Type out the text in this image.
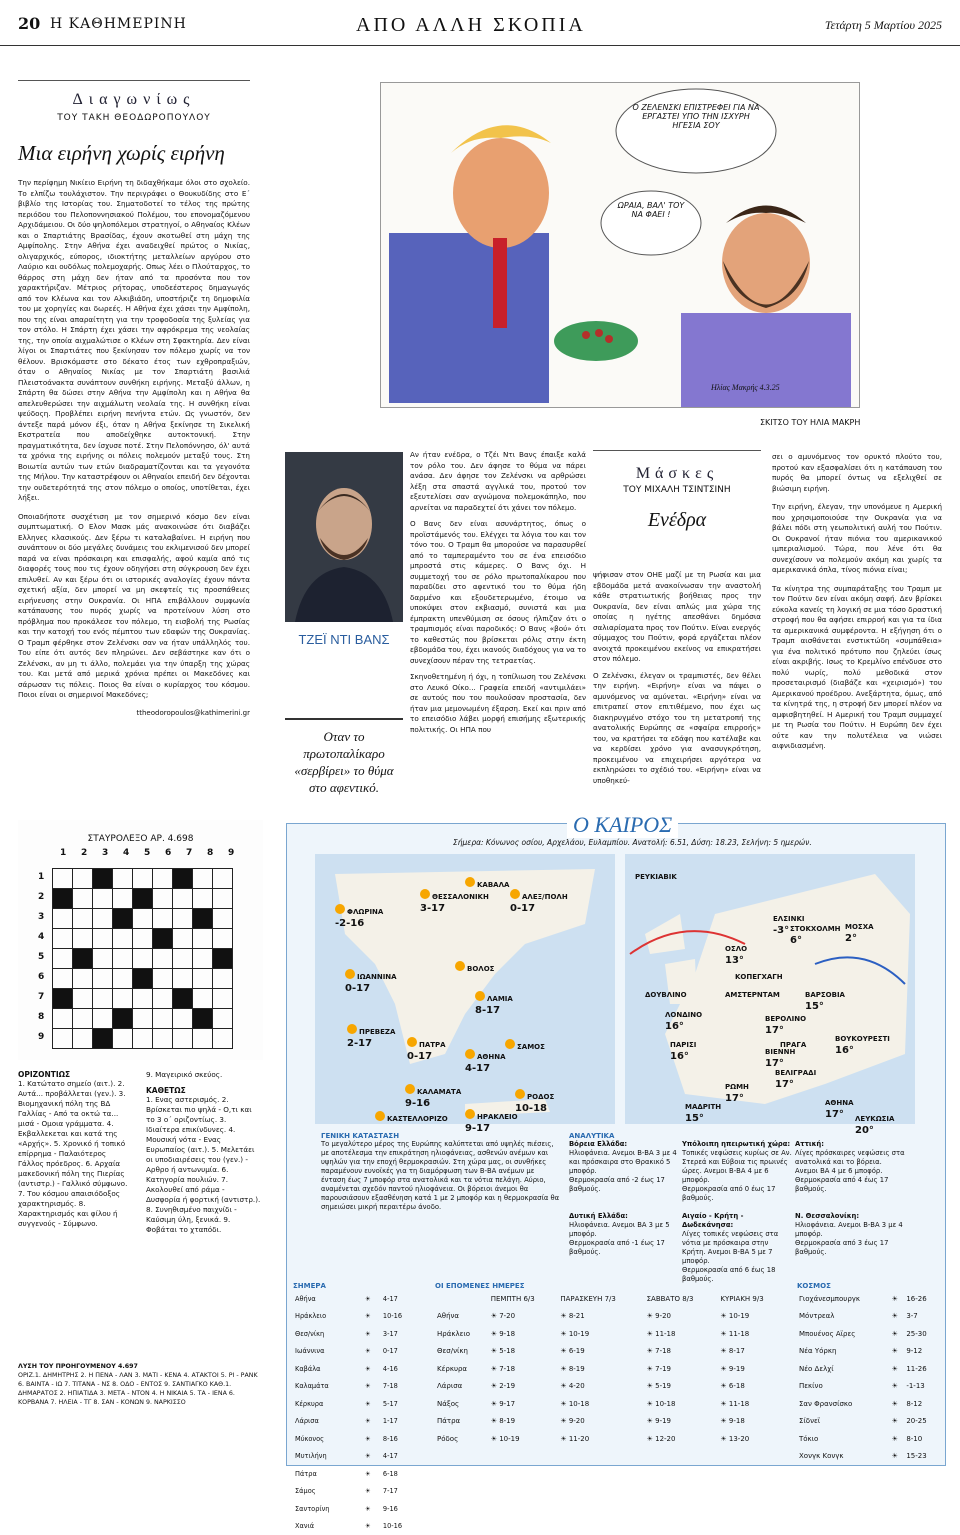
20 Η ΚΑΘΗΜΕΡΙΝΗ	ΑΠΟ ΑΛΛΗ ΣΚΟΠΙΑ	Τετάρτη 5 Μαρτίου 2025
Διαγωνίως
ΤΟΥ ΤΑΚΗ ΘΕΟΔΩΡΟΠΟΥΛΟΥ
Μια ειρήνη χωρίς ειρήνη

Την περίφημη Νικίειο Ειρήνη τη διδαχθήκαμε όλοι στο σχολείο. Το ελπίζω τουλάχιστον. Την περιγράφει ο Θουκυδίδης στο Ε΄ βιβλίο της Ιστορίας του. Σηματοδοτεί το τέλος της πρώτης περιόδου του Πελοποννησιακού Πολέμου, του επονομαζόμενου Αρχιδάμειου. Οι δύο ψηλοπόλεμοι στρατηγοί, ο Αθηναίος Κλέων και ο Σπαρτιάτης Βρασίδας, έχουν σκοτωθεί στη μάχη της Αμφίπολης. Στην Αθήνα έχει αναδειχθεί πρώτος ο Νικίας, ολιγαρχικός, εύπορος, ιδιοκτήτης μεταλλείων αργύρου στο Λαύριο και ουδόλως πολεμοχαρής. Οπως λέει ο Πλούταρχος, το θάρρος στη μάχη δεν ήταν από τα προσόντα που τον χαρακτήριζαν. Μέτριος ρήτορας, υποδεέστερος δημαγωγός από τον Κλέωνα και τον Αλκιβιάδη, υποστήριζε τη δημοφιλία του με χορηγίες και δωρεές. Η Αθήνα έχει χάσει την Αμφίπολη, που της είναι απαραίτητη για την τροφοδοσία της ξυλείας για τον στόλο. Η Σπάρτη έχει χάσει την αφρόκρεμα της νεολαίας της, την οποία αιχμαλώτισε ο Κλέων στη Σφακτηρία. Δεν είναι λίγοι οι Σπαρτιάτες που ξεκίνησαν τον πόλεμο χωρίς να τον θέλουν. Βρισκόμαστε στο δέκατο έτος των εχθροπραξιών, όταν ο Αθηναίος Νικίας με τον Σπαρτιάτη βασιλιά Πλειστοάνακτα συνάπτουν συνθήκη ειρήνης. Μεταξύ άλλων, η Σπάρτη θα δώσει στην Αθήνα την Αμφίπολη και η Αθήνα θα απελευθερώσει την αιχμάλωτη νεολαία της. Η συνθήκη είναι ψεύδοςη. Προβλέπει ειρήνη πενήντα ετών. Ως γνωστόν, δεν άντεξε παρά μόνον έξι, όταν η Αθήνα ξεκίνησε τη Σικελική Εκστρατεία που αποδείχθηκε αυτοκτονική. Στην πραγματικότητα, δεν ίσχυσε ποτέ. Στην Πελοπόννησο, όλ' αυτά τα χρόνια της ειρήνης οι πόλεις πολεμούν μεταξύ τους. Στη Βοιωτία αυτών των ετών διαδραματίζονται και τα γεγονότα της Μήλου. Την καταστρέφουν οι Αθηναίοι επειδή δεν δέχονται την ουδετερότητά της στον πόλεμο ο οποίος, υποτίθεται, έχει λήξει.

Οποιαδήποτε συσχέτιση με τον σημερινό κόσμο δεν είναι συμπτωματική. Ο Ελον Μασκ μάς ανακοινώσε ότι διαβάζει Ελληνες κλασικούς. Δεν ξέρω τι καταλαβαίνει. Η ειρήνη που συνάπτουν οι δύο μεγάλες δυνάμεις του εκλιμενισού δεν μπορεί παρά να είναι πρόσκαιρη και επισφαλής, αφού καμία από τις διαφορές τους που τις έχουν οδηγήσει στη σύγκρουση δεν έχει επιλυθεί. Αν και ξέρω ότι οι ιστορικές αναλογίες έχουν πάντα σχετική αξία, δεν μπορεί να μη σκεφτείς τις προσπάθειες ειρήνευσης στην Ουκρανία. Οι ΗΠΑ επιβάλλουν συμφωνία κατάπαυσης του πυρός χωρίς να προτείνουν λύση στο πρόβλημα που προκάλεσε τον πόλεμο, τη εισβολή της Ρωσίας και την κατοχή του ενός πέμπτου των εδαφών της Ουκρανίας. Ο Τραμπ φέρθηκε στον Ζελένσκι σαν να ήταν υπάλληλός του. Του είπε ότι αυτός δεν πληρώνει. Δεν σεβάστηκε καν ότι ο Ζελένσκι, αν μη τι άλλο, πολεμάει για την ύπαρξη της χώρας του. Και μετά από μερικά χρόνια πρέπει οι Μακεδόνες και σάρωσαν τις πόλεις. Ποιος θα είναι ο κυρίαρχος του κόσμου. Ποιοι είναι οι σημερινοί Μακεδόνες;

ttheodoropoulos@kathimerini.gr
Ο ΖΕΛΕΝΣΚΙ ΕΠΙΣΤΡΕΦΕΙ ΓΙΑ ΝΑ ΕΡΓΑΣΤΕΙ ΥΠΟ ΤΗΝ ΙΣΧΥΡΗ ΗΓΕΣΙΑ ΣΟΥ
ΩΡΑΙΑ, ΒΑΛ' ΤΟΥ ΝΑ ΦΑΕΙ !
Ηλίας Μακρής 4.3.25
ΣΚΙΤΣΟ ΤΟΥ ΗΛΙΑ ΜΑΚΡΗ
ΤΖΕΪ ΝΤΙ ΒΑΝΣ
Οταν το πρωτοπαλίκαρο «σερβίρει» το θύμα στο αφεντικό.

Αν ήταν ενέδρα, ο Τζέι Ντι Βανς έπαιξε καλά τον ρόλο του. Δεν άφησε το θύμα να πάρει ανάσα. Δεν άφησε τον Ζελένσκι να αρθρώσει λέξη στα σπαστά αγγλικά του, προτού τον εξευτελίσει σαν αγνώμονα πολεμοκάπηλο, που αρνείται να παραδεχτεί ότι χάνει τον πόλεμο.

Ο Βανς δεν είναι ασυνάρτητος, όπως ο προϊστάμενός του. Ελέγχει τα λόγια του και τον τόνο του. Ο Τραμπ θα μπορούσε να παρασυρθεί από το ταμπεραμέντο του σε ένα επεισόδιο μπροστά στις κάμερες. Ο Βανς όχι. Η συμμετοχή του σε ρόλο πρωτοπαλίκαρου που παραδίδει στο αφεντικό του το θύμα ήδη δαρμένο και εξουδετερωμένο, έτοιμο να υποκύψει στον εκβιασμό, συνιστά και μια έμπρακτη υπενθύμιση σε όσους ήλπιζαν ότι ο τραμπισμός είναι παροδικός: Ο Βανς «βού» ότι το καθεστώς που βρίσκεται ρόλις στην έκτη εβδομάδα του, έχει ικανούς διαδόχους για να το συνεχίσουν πέραν της τετραετίας.

Σκηνοθετημένη ή όχι, η τοπίλιωση του Ζελένσκι στο Λευκό Οίκο... Γραφεία επειδή «αντιμιλάει» σε αυτούς που του πουλούσαν προστασία, δεν ήταν μια μεμονωμένη έξαρση. Εκεί και πριν από το επεισόδιο λάβει μορφή επισήμης εξωτερικής πολιτικής. Οι ΗΠΑ που

Μάσκες
ΤΟΥ ΜΙΧΑΛΗ ΤΣΙΝΤΣΙΝΗ
Ενέδρα

ψήφισαν στον ΟΗΕ μαζί με τη Ρωσία και μια εβδομάδα μετά ανακοίνωσαν την αναστολή κάθε στρατιωτικής βοήθειας προς την Ουκρανία, δεν είναι απλώς μια χώρα της οποίας η ηγέτης απεσθάνει δημόσια σαλιαρίσματα προς τον Πούτιν. Είναι ενεργός σύμμαχος του Πούτιν, φορά εργάζεται πλέον ανοιχτά προκειμένου εκείνος να επικρατήσει στον πόλεμο.

Ο Ζελένσκι, έλεγαν οι τραμπιστές, δεν θέλει την ειρήνη. «Ειρήνη» είναι να πάψει ο αμυνόμενος να αμύνεται. «Ειρήνη» είναι να επιτραπεί στον επιτιθέμενο, που έχει ως διακηρυγμένο στόχο του τη μετατροπή της ανατολικής Ευρώπης σε «σφαίρα επιρροής» του, να κρατήσει τα εδάφη που κατέλαβε και να κερδίσει χρόνο για ανασυγκρότηση, προκειμένου να επιχειρήσει αργότερα να εκπληρώσει το σχέδιό του. «Ειρήνη» είναι να υποθηκεύ-

σει ο αμυνόμενος τον ορυκτό πλούτο του, προτού καν εξασφαλίσει ότι η κατάπαυση του πυρός θα μπορεί όντως να εξελιχθεί σε βιώσιμη ειρήνη.

Την ειρήνη, έλεγαν, την υπονόμευε η Αμερική που χρησιμοποιούσε την Ουκρανία για να βάλει πόδι στη γεωπολιτική αυλή του Πούτιν. Οι Ουκρανοί ήταν πιόνια του αμερικανικού ιμπεριαλισμού. Τώρα, που λένε ότι θα συνεχίσουν να πολεμούν ακόμη και χωρίς τα αμερικανικά όπλα, τίνος πιόνια είναι;

Τα κίνητρα της συμπαράταξης του Τραμπ με τον Πούτιν δεν είναι ακόμη σαφή. Δεν βρίσκει εύκολα κανείς τη λογική σε μια τόσο δραστική στροφή που θα αφήσει επιρροή και για τα ίδια τα αμερικανικά συμφέροντα. Η εξήγηση ότι ο Τραμπ αισθάνεται ενστικτώδη «συμπάθεια» για ένα πολιτικό πρότυπο που ζηλεύει ίσως είναι ακριβής. Ισως το Κρεμλίνο επένδυσε στο πολύ νωρίς, πολύ μεθοδικά στον προσεταιρισμό (διαβάζε και «χειρισμό») του Αμερικανού προέδρου. Ανεξάρτητα, όμως, από τα κίνητρά της, η στροφή δεν μπορεί πλέον να αμφισβητηθεί. Η Αμερική του Τραμπ συμμαχεί με τη Ρωσία του Πούτιν. Η Ευρώπη δεν έχει ούτε καν την πολυτέλεια να νιώσει αιφνιδιασμένη.

ΣΤΑΥΡΟΛΕΞΟ ΑΡ. 4.698
1 2 3 4 5 6 7 8 9
1
2
3
4
5
6
7
8
9

ΟΡΙΖΟΝΤΙΩΣ
1. Κατώτατο σημείο (αιτ.). 2. Αυτά... προβάλλεται (γεν.). 3. Βιομηχανική πόλη της ΒΔ Γαλλίας - Από τα οκτώ τα... μισά - Ομοια γράμματα. 4. Εκβαλλεκεται και κατά της «Αρχής». 5. Χρονικό ή τοπικό επίρρημα - Παλαιότερος Γάλλος πρόεδρος. 6. Αρχαία μακεδονική πόλη της Πιερίας (αντιστρ.) - Γαλλικό σύμφωνο. 7. Του κόσμου απαισιόδοξος χαρακτηρισμός. 8. Χαρακτηρισμός και φίλου ή συγγενούς - Σύμφωνο.
9. Μαγειρικό σκεύος.
ΚΑΘΕΤΩΣ
1. Ενας αστερισμός. 2. Βρίσκεται πιο ψηλά - Ο,τι και το 3 ο΄ οριζοντίως. 3. Ιδιαίτερα επικίνδυνες. 4. Μουσική νότα - Ενας Ευρωπαίος (αιτ.). 5. Μελετάει οι υποδιαιρέσεις του (γεν.) - Αρθρο ή αντωνυμία. 6. Κατηγορία πουλιών. 7. Ακολουθεί από ράμα - Δυσφορία ή φορτική (αντιστρ.). 8. Συνηθισμένο παιχνίδι - Καύσιμη ύλη, ξενικά. 9. Φοβάται το χταπόδι.
ΛΥΣΗ ΤΟΥ ΠΡΟΗΓΟΥΜΕΝΟΥ 4.697
ΟΡΙΖ.1. ΔΗΜΗΤΡΗΣ 2. Η ΠΕΝΑ - ΛΑΝ 3. ΜΑΤΙ - ΚΕΝΑ 4. ΑΤΑΚΤΟΙ 5. ΡΙ - ΡΑΝΚ 6. ΒΑΙΝΤΑ - ΙΩ 7. ΤΙΤΑΝΑ - ΝΣ 8. ΟΔΟ - ΕΝΤΟΣ 9. ΣΑΝΤΙΑΓΚΟ ΚΑΘ.1. ΔΗΜΑΡΑΤΟΣ 2. ΗΠΙΑΤΙΔΑ 3. ΜΕΤΑ - ΝΤΟΝ 4. Η ΝΙΚΑΙΑ 5. ΤΑ - ΙΕΝΑ 6. ΚΟΡΒΑΝΑ 7. ΗΛΕΙΑ - ΤΓ 8. ΣΑΝ - ΚΟΝΩΝ 9. ΝΑΡΚΙΣΣΟ
Ο ΚΑΙΡΟΣ
Σήμερα: Κόνωνος οσίου, Αρχελάου, Ευλαμπίου. Ανατολή: 6.51, Δύση: 18.23, Σελήνη: 5 ημερών.
ΦΛΩΡΙΝΑ
-2-16
ΘΕΣΣΑΛΟΝΙΚΗ
3-17
ΚΑΒΑΛΑ
ΑΛΕΞ/ΠΟΛΗ
0-17
ΙΩΑΝΝΙΝΑ
0-17
ΒΟΛΟΣ
ΛΑΜΙΑ
8-17
ΠΡΕΒΕΖΑ
2-17	ΠΑΤΡΑ
0-17	ΑΘΗΝΑ
4-17
ΣΑΜΟΣ
ΚΑΛΑΜΑΤΑ
9-16
ΡΟΔΟΣ
10-18
ΗΡΑΚΛΕΙΟ
9-17
ΚΑΣΤΕΛΛΟΡΙΖΟ
ΡΕΥΚΙΑΒΙΚ
ΕΛΣΙΝΚΙ
-3° ΣΤΟΚΧΟΛΜΗ
6°
ΟΣΛΟ
13°
ΜΟΣΧΑ
2°
ΚΟΠΕΓΧΑΓΗ
ΔΟΥΒΛΙΝΟ	ΑΜΣΤΕΡΝΤΑΜ	ΒΑΡΣΟΒΙΑ
15°
ΛΟΝΔΙΝΟ
16°
ΒΕΡΟΛΙΝΟ
17°
ΠΑΡΙΣΙ
16°
ΠΡΑΓΑ
ΒΟΥΚΟΥΡΕΣΤΙ
16°
ΒΙΕΝΝΗ
17°
ΒΕΛΙΓΡΑΔΙ
17°
ΡΩΜΗ
17°
ΜΑΔΡΙΤΗ
15°
ΑΘΗΝΑ
17°	ΛΕΥΚΩΣΙΑ
20°
ΓΕΝΙΚΗ ΚΑΤΑΣΤΑΣΗ
Το μεγαλύτερο μέρος της Ευρώπης καλύπτεται από υψηλές πιέσεις, με αποτέλεσμα την επικράτηση ηλιοφάνειας, ασθενών ανέμων και υψηλών για την εποχή θερμοκρασιών. Στη χώρα μας, οι συνθήκες παραμένουν ευνοϊκές για τη διαμόρφωση των Β-ΒΑ ανέμων με ένταση έως 7 μποφόρ στα ανατολικά και τα νότια πελάγη. Αύριο, αναμένεται σχεδόν παντού ηλιοφάνεια. Οι βόρειοι άνεμοι θα παρουσιάσουν εξασθένηση κατά 1 με 2 μποφόρ και η θερμοκρασία θα σημειώσει μικρή περαιτέρω άνοδο.
ΑΝΑΛΥΤΙΚΑ
Βόρεια Ελλάδα:
Ηλιοφάνεια. Ανεμοι Β-ΒΑ 3 με 4 και πρόσκαιρα στο Θρακικό 5 μποφόρ.
Θερμοκρασία από -2 έως 17 βαθμούς.
Υπόλοιπη ηπειρωτική χώρα:
Τοπικές νεφώσεις κυρίως σε Αν. Στερεά και Εύβοια τις πρωινές ώρες. Ανεμοι Β-ΒΑ 4 με 6 μποφόρ.
Θερμοκρασία από 0 έως 17 βαθμούς.
Αττική:
Λίγες πρόσκαιρες νεφώσεις στα ανατολικά και το βόρεια. Ανεμοι ΒΑ 4 με 6 μποφόρ.
Θερμοκρασία από 4 έως 17 βαθμούς.
Δυτική Ελλάδα:
Ηλιοφάνεια. Ανεμοι ΒΑ 3 με 5 μποφόρ.
Θερμοκρασία από -1 έως 17 βαθμούς.
Αιγαίο - Κρήτη - Δωδεκάνησα:
Λίγες τοπικές νεφώσεις στα νότια με πρόσκαιρα στην Κρήτη. Ανεμοι Β-ΒΑ 5 με 7 μποφόρ.
Θερμοκρασία από 6 έως 18 βαθμούς.
Ν. Θεσσαλονίκη:
Ηλιοφάνεια. Ανεμοι Β-ΒΑ 3 με 4 μποφόρ.
Θερμοκρασία από 3 έως 17 βαθμούς.
ΣΗΜΕΡΑ
Αθήνα	☀	4-17
Ηράκλειο	☀	10-16
Θεσ/νίκη	☀	3-17
Ιωάννινα	☀	0-17
Καβάλα	☀	4-16
Καλαμάτα	☀	7-18
Κέρκυρα	☀	5-17
Λάρισα	☀	1-17
Μύκονος	☀	8-16
Μυτιλήνη	☀	4-17
Πάτρα	☀	6-18
Σάμος	☀	7-17
Σαντορίνη	☀	9-16
Χανιά	☀	10-16
ΟΙ ΕΠΟΜΕΝΕΣ ΗΜΕΡΕΣ
	ΠΕΜΠΤΗ 6/3	ΠΑΡΑΣΚΕΥΗ 7/3	ΣΑΒΒΑΤΟ 8/3	ΚΥΡΙΑΚΗ 9/3
Αθήνα	☀ 7-20	☀ 8-21	☀ 9-20	☀ 10-19
Ηράκλειο	☀ 9-18	☀ 10-19	☀ 11-18	☀ 11-18
Θεσ/νίκη	☀ 5-18	☀ 6-19	☀ 7-18	☀ 8-17
Κέρκυρα	☀ 7-18	☀ 8-19	☀ 7-19	☀ 9-19
Λάρισα	☀ 2-19	☀ 4-20	☀ 5-19	☀ 6-18
Νάξος	☀ 9-17	☀ 10-18	☀ 10-18	☀ 11-18
Πάτρα	☀ 8-19	☀ 9-20	☀ 9-19	☀ 9-18
Ρόδος	☀ 10-19	☀ 11-20	☀ 12-20	☀ 13-20
ΚΟΣΜΟΣ
Γιοχάνεσμπουργκ	☀	16-26
Μόντρεαλ	☀	3-7
Μπουένος Αϊρες	☀	25-30
Νέα Υόρκη	☀	9-12
Νέο Δελχί	☀	11-26
Πεκίνο	☀	-1-13
Σαν Φρανσίσκο	☀	8-12
Σίδνεϊ	☀	20-25
Τόκιο	☀	8-10
Χονγκ Κονγκ	☀	15-23
